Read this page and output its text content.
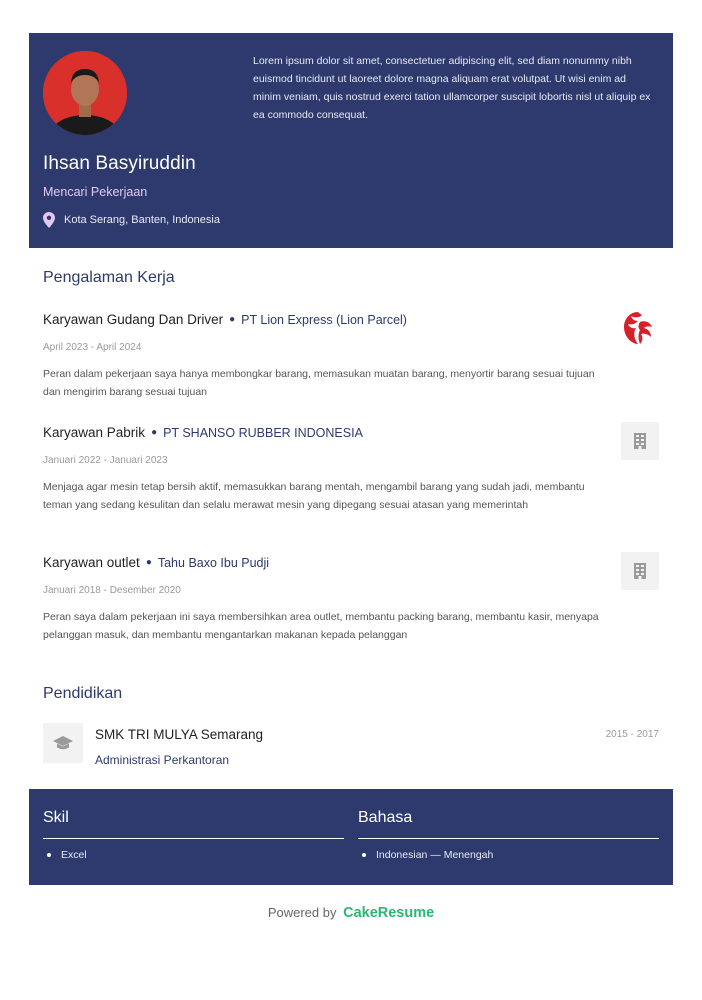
Ihsan Basyiruddin
Mencari Pekerjaan
Kota Serang, Banten, Indonesia
Lorem ipsum dolor sit amet, consectetuer adipiscing elit, sed diam nonummy nibh euismod tincidunt ut laoreet dolore magna aliquam erat volutpat. Ut wisi enim ad minim veniam, quis nostrud exerci tation ullamcorper suscipit lobortis nisl ut aliquip ex ea commodo consequat.
Pengalaman Kerja
Karyawan Gudang Dan Driver ● PT Lion Express (Lion Parcel)
April 2023 - April 2024
Peran dalam pekerjaan saya hanya membongkar barang, memasukan muatan barang, menyortir barang sesuai tujuan dan mengirim barang sesuai tujuan
Karyawan Pabrik ● PT SHANSO RUBBER INDONESIA
Januari 2022 - Januari 2023
Menjaga agar mesin tetap bersih aktif, memasukkan barang mentah, mengambil barang yang sudah jadi, membantu teman yang sedang kesulitan dan selalu merawat mesin yang dipegang sesuai atasan yang memerintah
Karyawan outlet ● Tahu Baxo Ibu Pudji
Januari 2018 - Desember 2020
Peran saya dalam pekerjaan ini saya membersihkan area outlet, membantu packing barang, membantu kasir, menyapa pelanggan masuk, dan membantu mengantarkan makanan kepada pelanggan
Pendidikan
SMK TRI MULYA Semarang
Administrasi Perkantoran
2015 - 2017
Skil
Excel
Bahasa
Indonesian — Menengah
Powered by CakeResume
